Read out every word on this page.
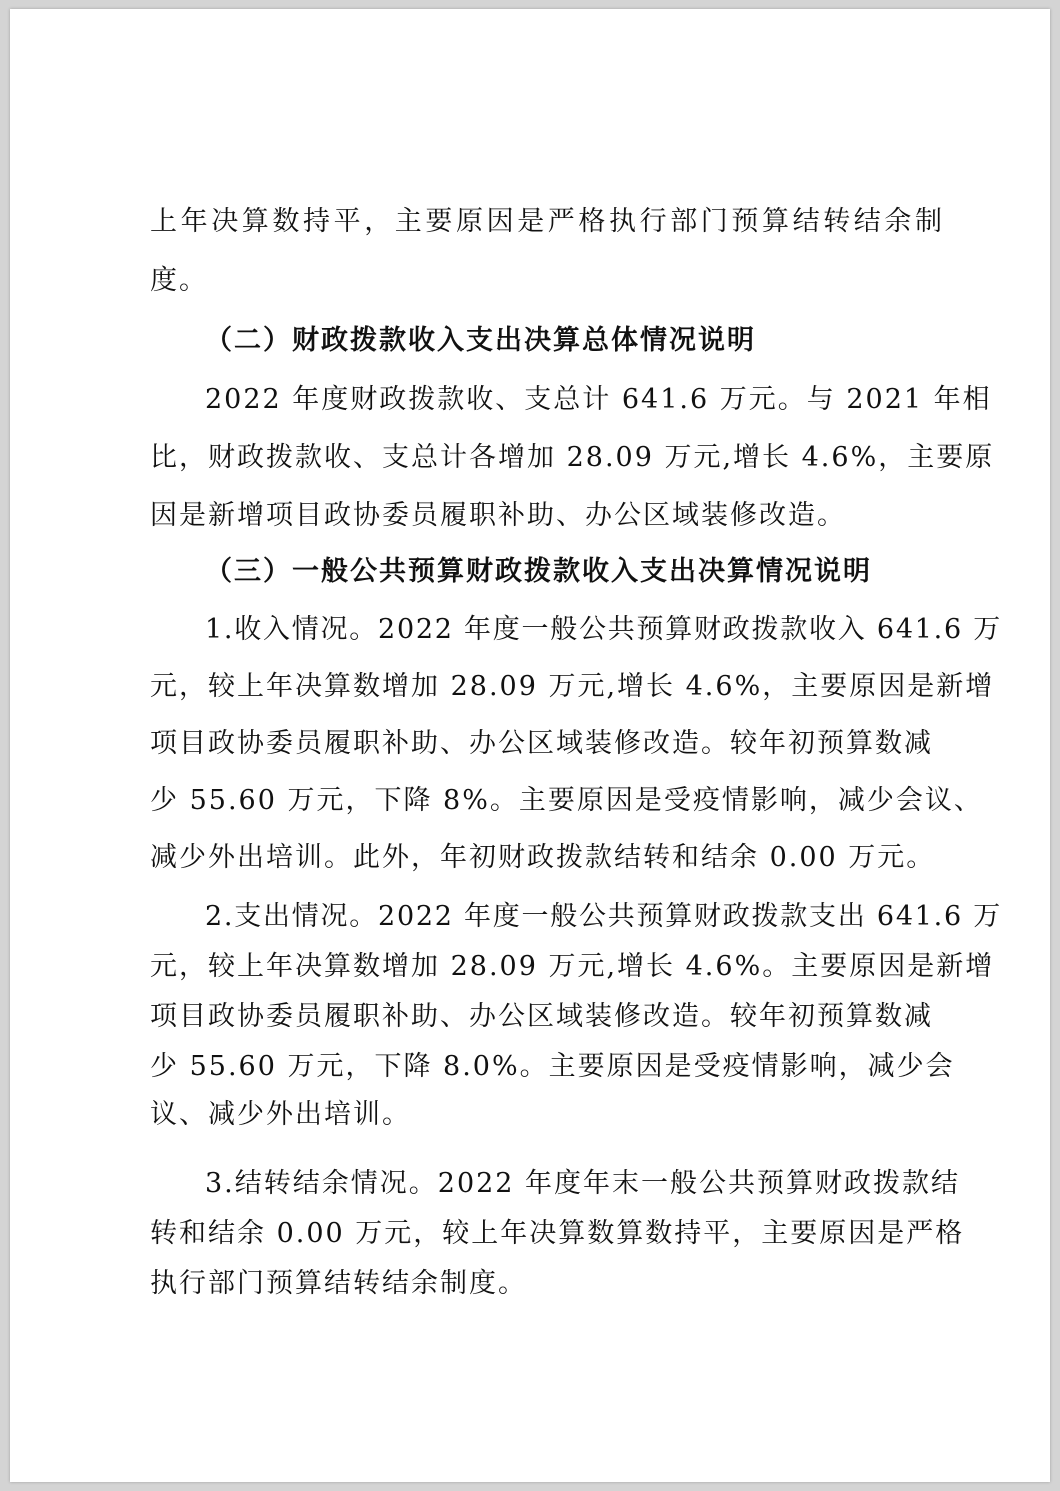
上年决算数持平，主要原因是严格执行部门预算结转结余制
度。
（二）财政拨款收入支出决算总体情况说明
2022 年度财政拨款收、支总计 641.6 万元。与 2021 年相
比，财政拨款收、支总计各增加 28.09 万元,增长 4.6%，主要原
因是新增项目政协委员履职补助、办公区域装修改造。
（三）一般公共预算财政拨款收入支出决算情况说明
1.收入情况。2022 年度一般公共预算财政拨款收入 641.6 万
元，较上年决算数增加 28.09 万元,增长 4.6%，主要原因是新增
项目政协委员履职补助、办公区域装修改造。较年初预算数减
少 55.60 万元，下降 8%。主要原因是受疫情影响，减少会议、
减少外出培训。此外，年初财政拨款结转和结余 0.00 万元。
2.支出情况。2022 年度一般公共预算财政拨款支出 641.6 万
元，较上年决算数增加 28.09 万元,增长 4.6%。主要原因是新增
项目政协委员履职补助、办公区域装修改造。较年初预算数减
少 55.60 万元，下降 8.0%。主要原因是受疫情影响，减少会
议、减少外出培训。
3.结转结余情况。2022 年度年末一般公共预算财政拨款结
转和结余 0.00 万元，较上年决算数算数持平，主要原因是严格
执行部门预算结转结余制度。
